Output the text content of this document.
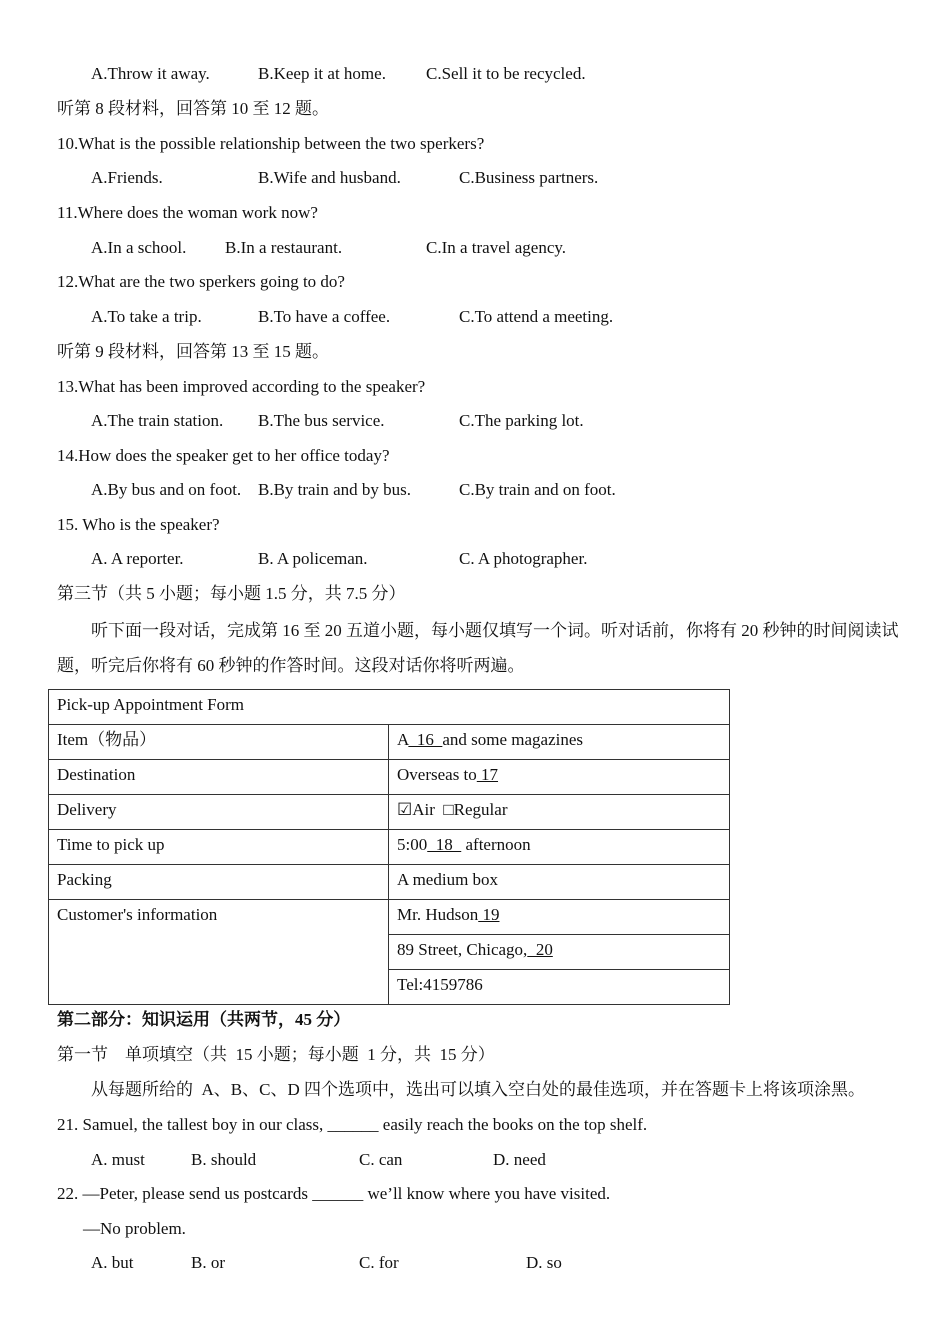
A.Throw it away.	B.Keep it at home. C.Sell it to be recycled.
听第 8 段材料，回答第 10 至 12 题。
10.What is the possible relationship between the two sperkers?
A.Friends.	B.Wife and husband.	C.Business partners.
11.Where does the woman work now?
A.In a school. B.In a restaurant.	C.In a travel agency.
12.What are the two sperkers going to do?
A.To take a trip.	B.To have a coffee.	C.To attend a meeting.
听第 9 段材料，回答第 13 至 15 题。
13.What has been improved according to the speaker?
A.The train station. B.The bus service.	C.The parking lot.
14.How does the speaker get to her office today?
A.By bus and on foot. B.By train and by bus.	C.By train and on foot.
15. Who is the speaker?
A. A reporter.	B. A policeman.	C. A photographer.
第三节（共 5 小题；每小题 1.5 分，共 7.5 分）
听下面一段对话，完成第 16 至 20 五道小题，每小题仅填写一个词。听对话前，你将有 20 秒钟的时间阅读试
题，听完后你将有 60 秒钟的作答时间。这段对话你将听两遍。
Pick-up Appointment Form	
Item（物品）	A  16  and some magazines
Destination	Overseas to 17
Delivery	☑Air  □Regular
Time to pick up	5:00  18   afternoon
Packing	A medium box
Customer's information	Mr. Hudson 19
	89 Street, Chicago,  20
	Tel:4159786
第二部分：知识运用（共两节，45 分）
第一节　单项填空（共  15 小题；每小题  1 分，共  15 分）
从每题所给的  A、B、C、D 四个选项中，选出可以填入空白处的最佳选项，并在答题卡上将该项涂黑。
21. Samuel, the tallest boy in our class, ______ easily reach the books on the top shelf.
A. must	B. should	C. can	D. need
22. —Peter, please send us postcards ______ we’ll know where you have visited.
—No problem.
A. but	B. or	C. for	D. so
